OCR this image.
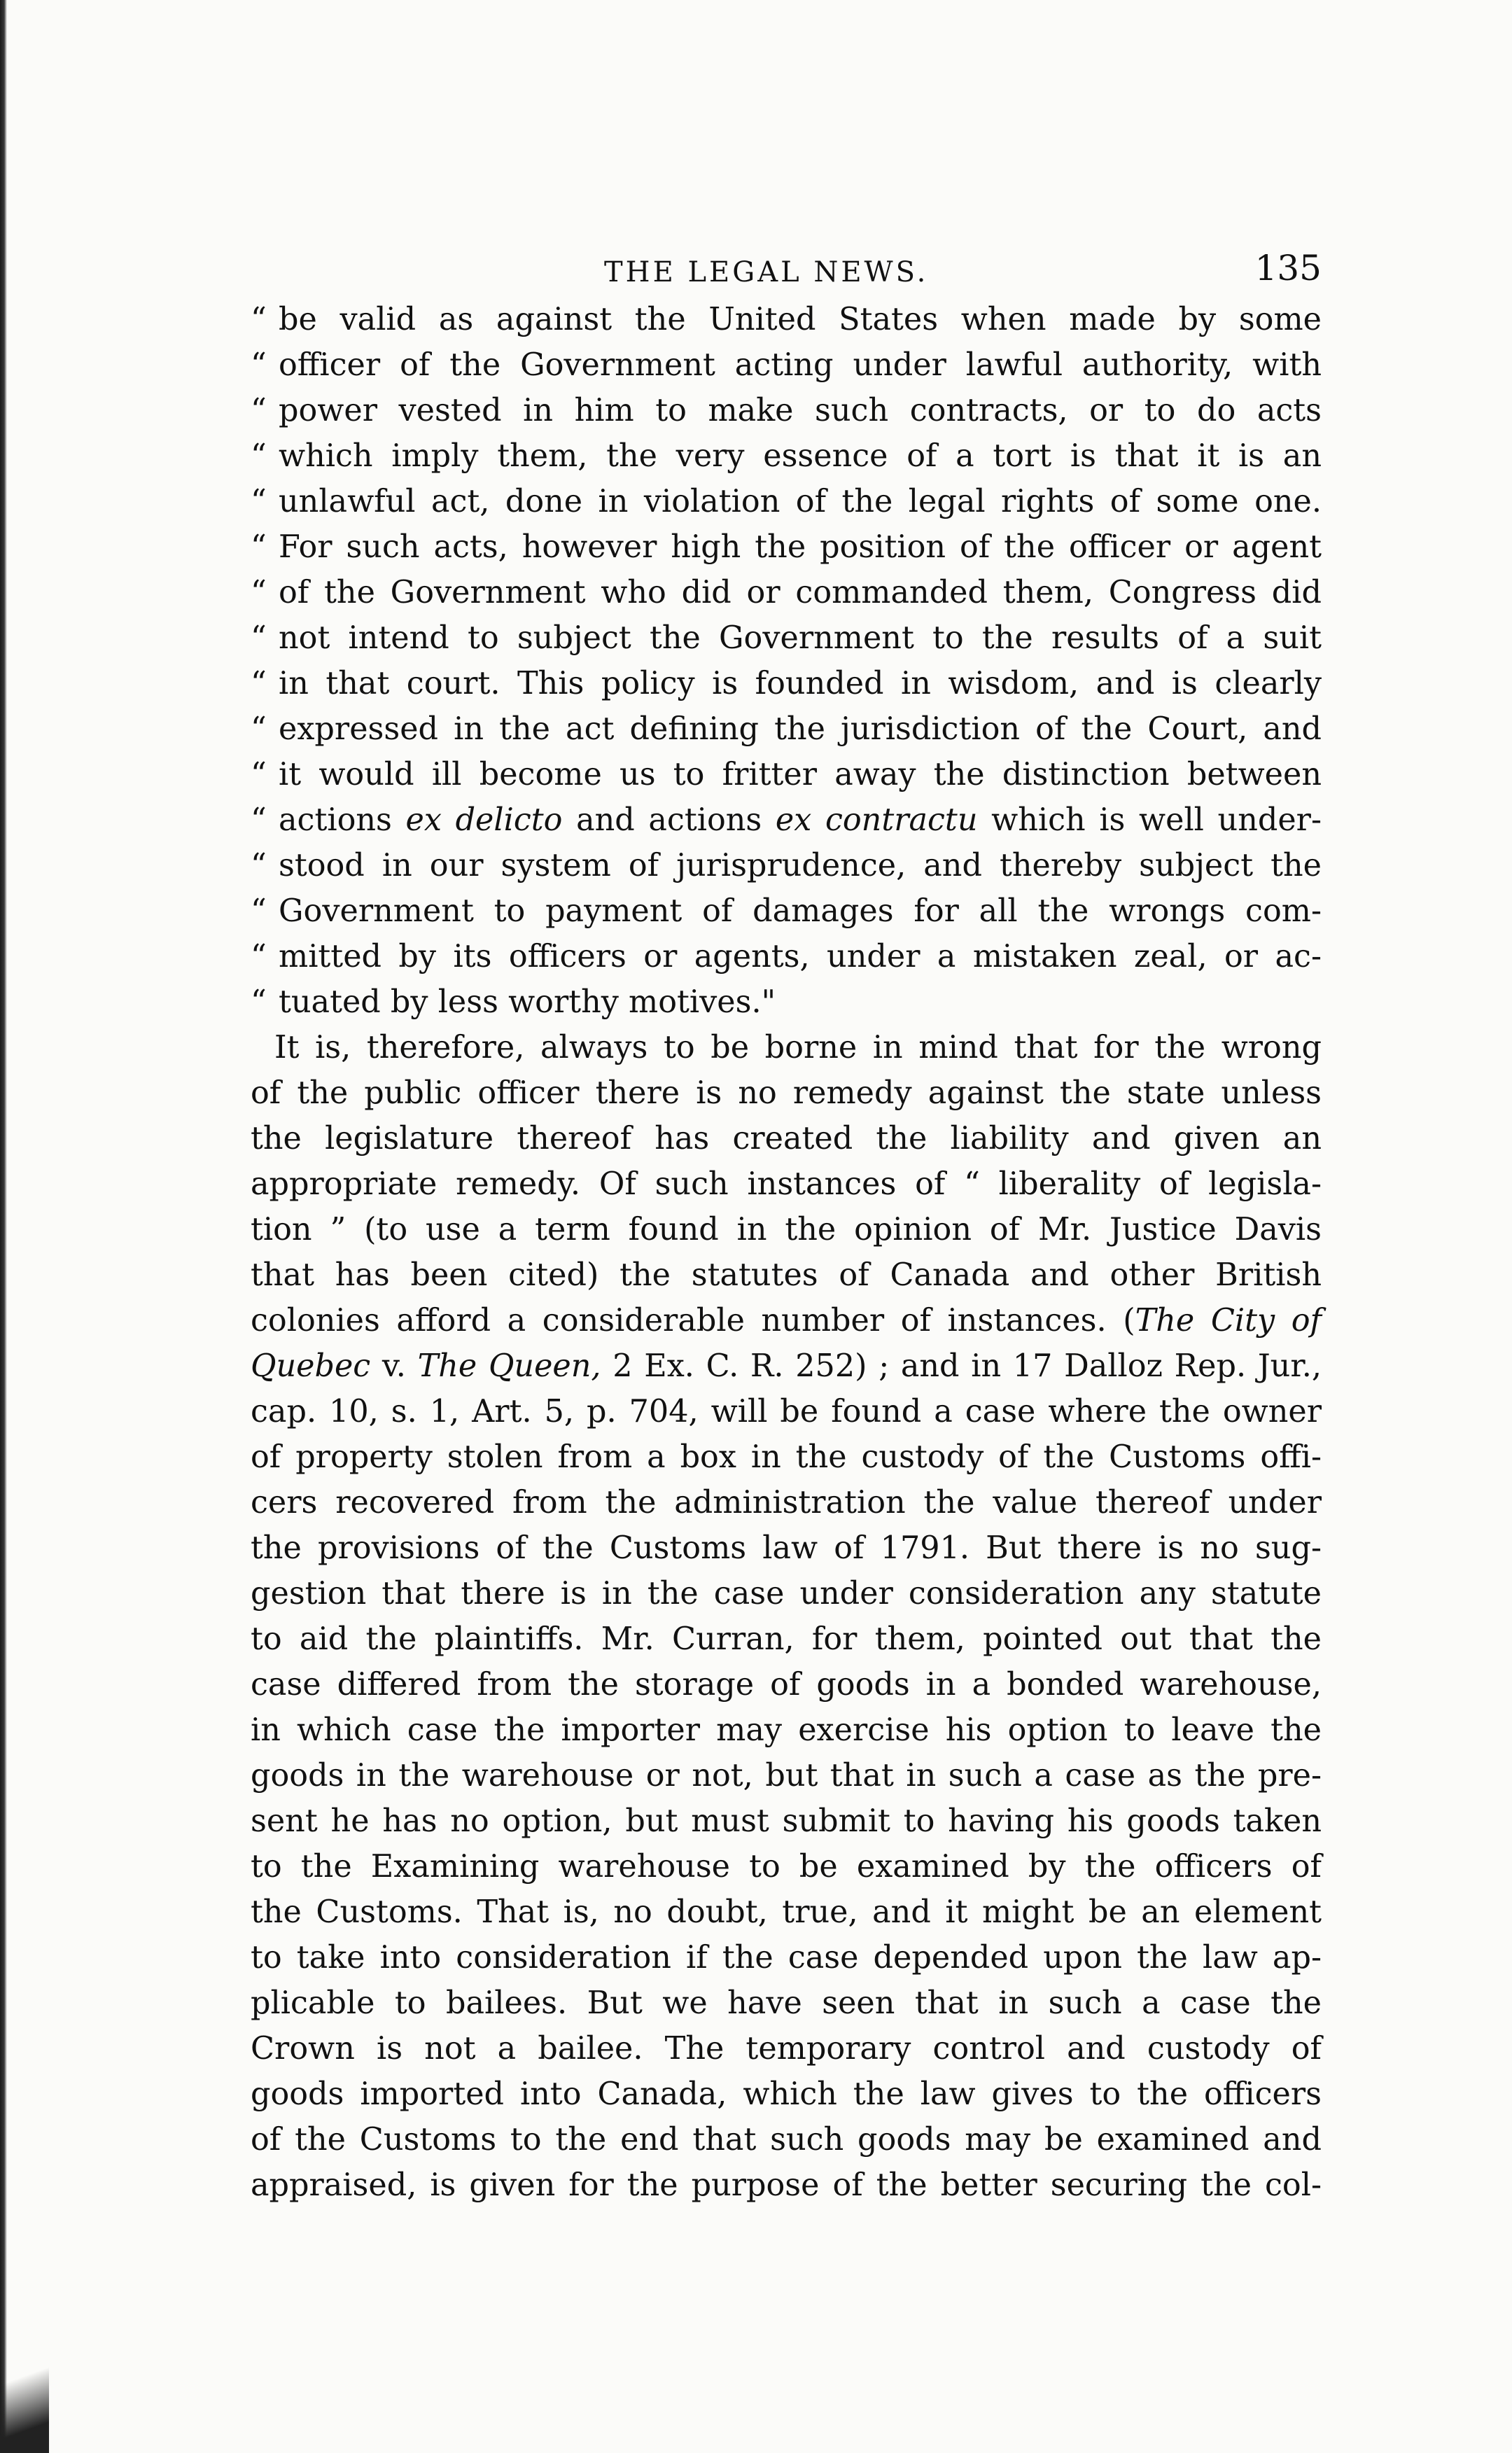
THE LEGAL NEWS.	135
“ be valid as against the United States when made by some
“ officer of the Government acting under lawful authority, with
“ power vested in him to make such contracts, or to do acts
“ which imply them, the very essence of a tort is that it is an
“ unlawful act, done in violation of the legal rights of some one.
“ For such acts, however high the position of the officer or agent
“ of the Government who did or commanded them, Congress did
“ not intend to subject the Government to the results of a suit
“ in that court. This policy is founded in wisdom, and is clearly
“ expressed in the act defining the jurisdiction of the Court, and
“ it would ill become us to fritter away the distinction between
“ actions ex delicto and actions ex contractu which is well under-
“ stood in our system of jurisprudence, and thereby subject the
“ Government to payment of damages for all the wrongs com-
“ mitted by its officers or agents, under a mistaken zeal, or ac-
“ tuated by less worthy motives."
It is, therefore, always to be borne in mind that for the wrong
of the public officer there is no remedy against the state unless
the legislature thereof has created the liability and given an
appropriate remedy. Of such instances of “ liberality of legisla-
tion ” (to use a term found in the opinion of Mr. Justice Davis
that has been cited) the statutes of Canada and other British
colonies afford a considerable number of instances. (The City of
Quebec v. The Queen, 2 Ex. C. R. 252) ; and in 17 Dalloz Rep. Jur.,
cap. 10, s. 1, Art. 5, p. 704, will be found a case where the owner
of property stolen from a box in the custody of the Customs offi-
cers recovered from the administration the value thereof under
the provisions of the Customs law of 1791. But there is no sug-
gestion that there is in the case under consideration any statute
to aid the plaintiffs. Mr. Curran, for them, pointed out that the
case differed from the storage of goods in a bonded warehouse,
in which case the importer may exercise his option to leave the
goods in the warehouse or not, but that in such a case as the pre-
sent he has no option, but must submit to having his goods taken
to the Examining warehouse to be examined by the officers of
the Customs. That is, no doubt, true, and it might be an element
to take into consideration if the case depended upon the law ap-
plicable to bailees. But we have seen that in such a case the
Crown is not a bailee. The temporary control and custody of
goods imported into Canada, which the law gives to the officers
of the Customs to the end that such goods may be examined and
appraised, is given for the purpose of the better securing the col-
